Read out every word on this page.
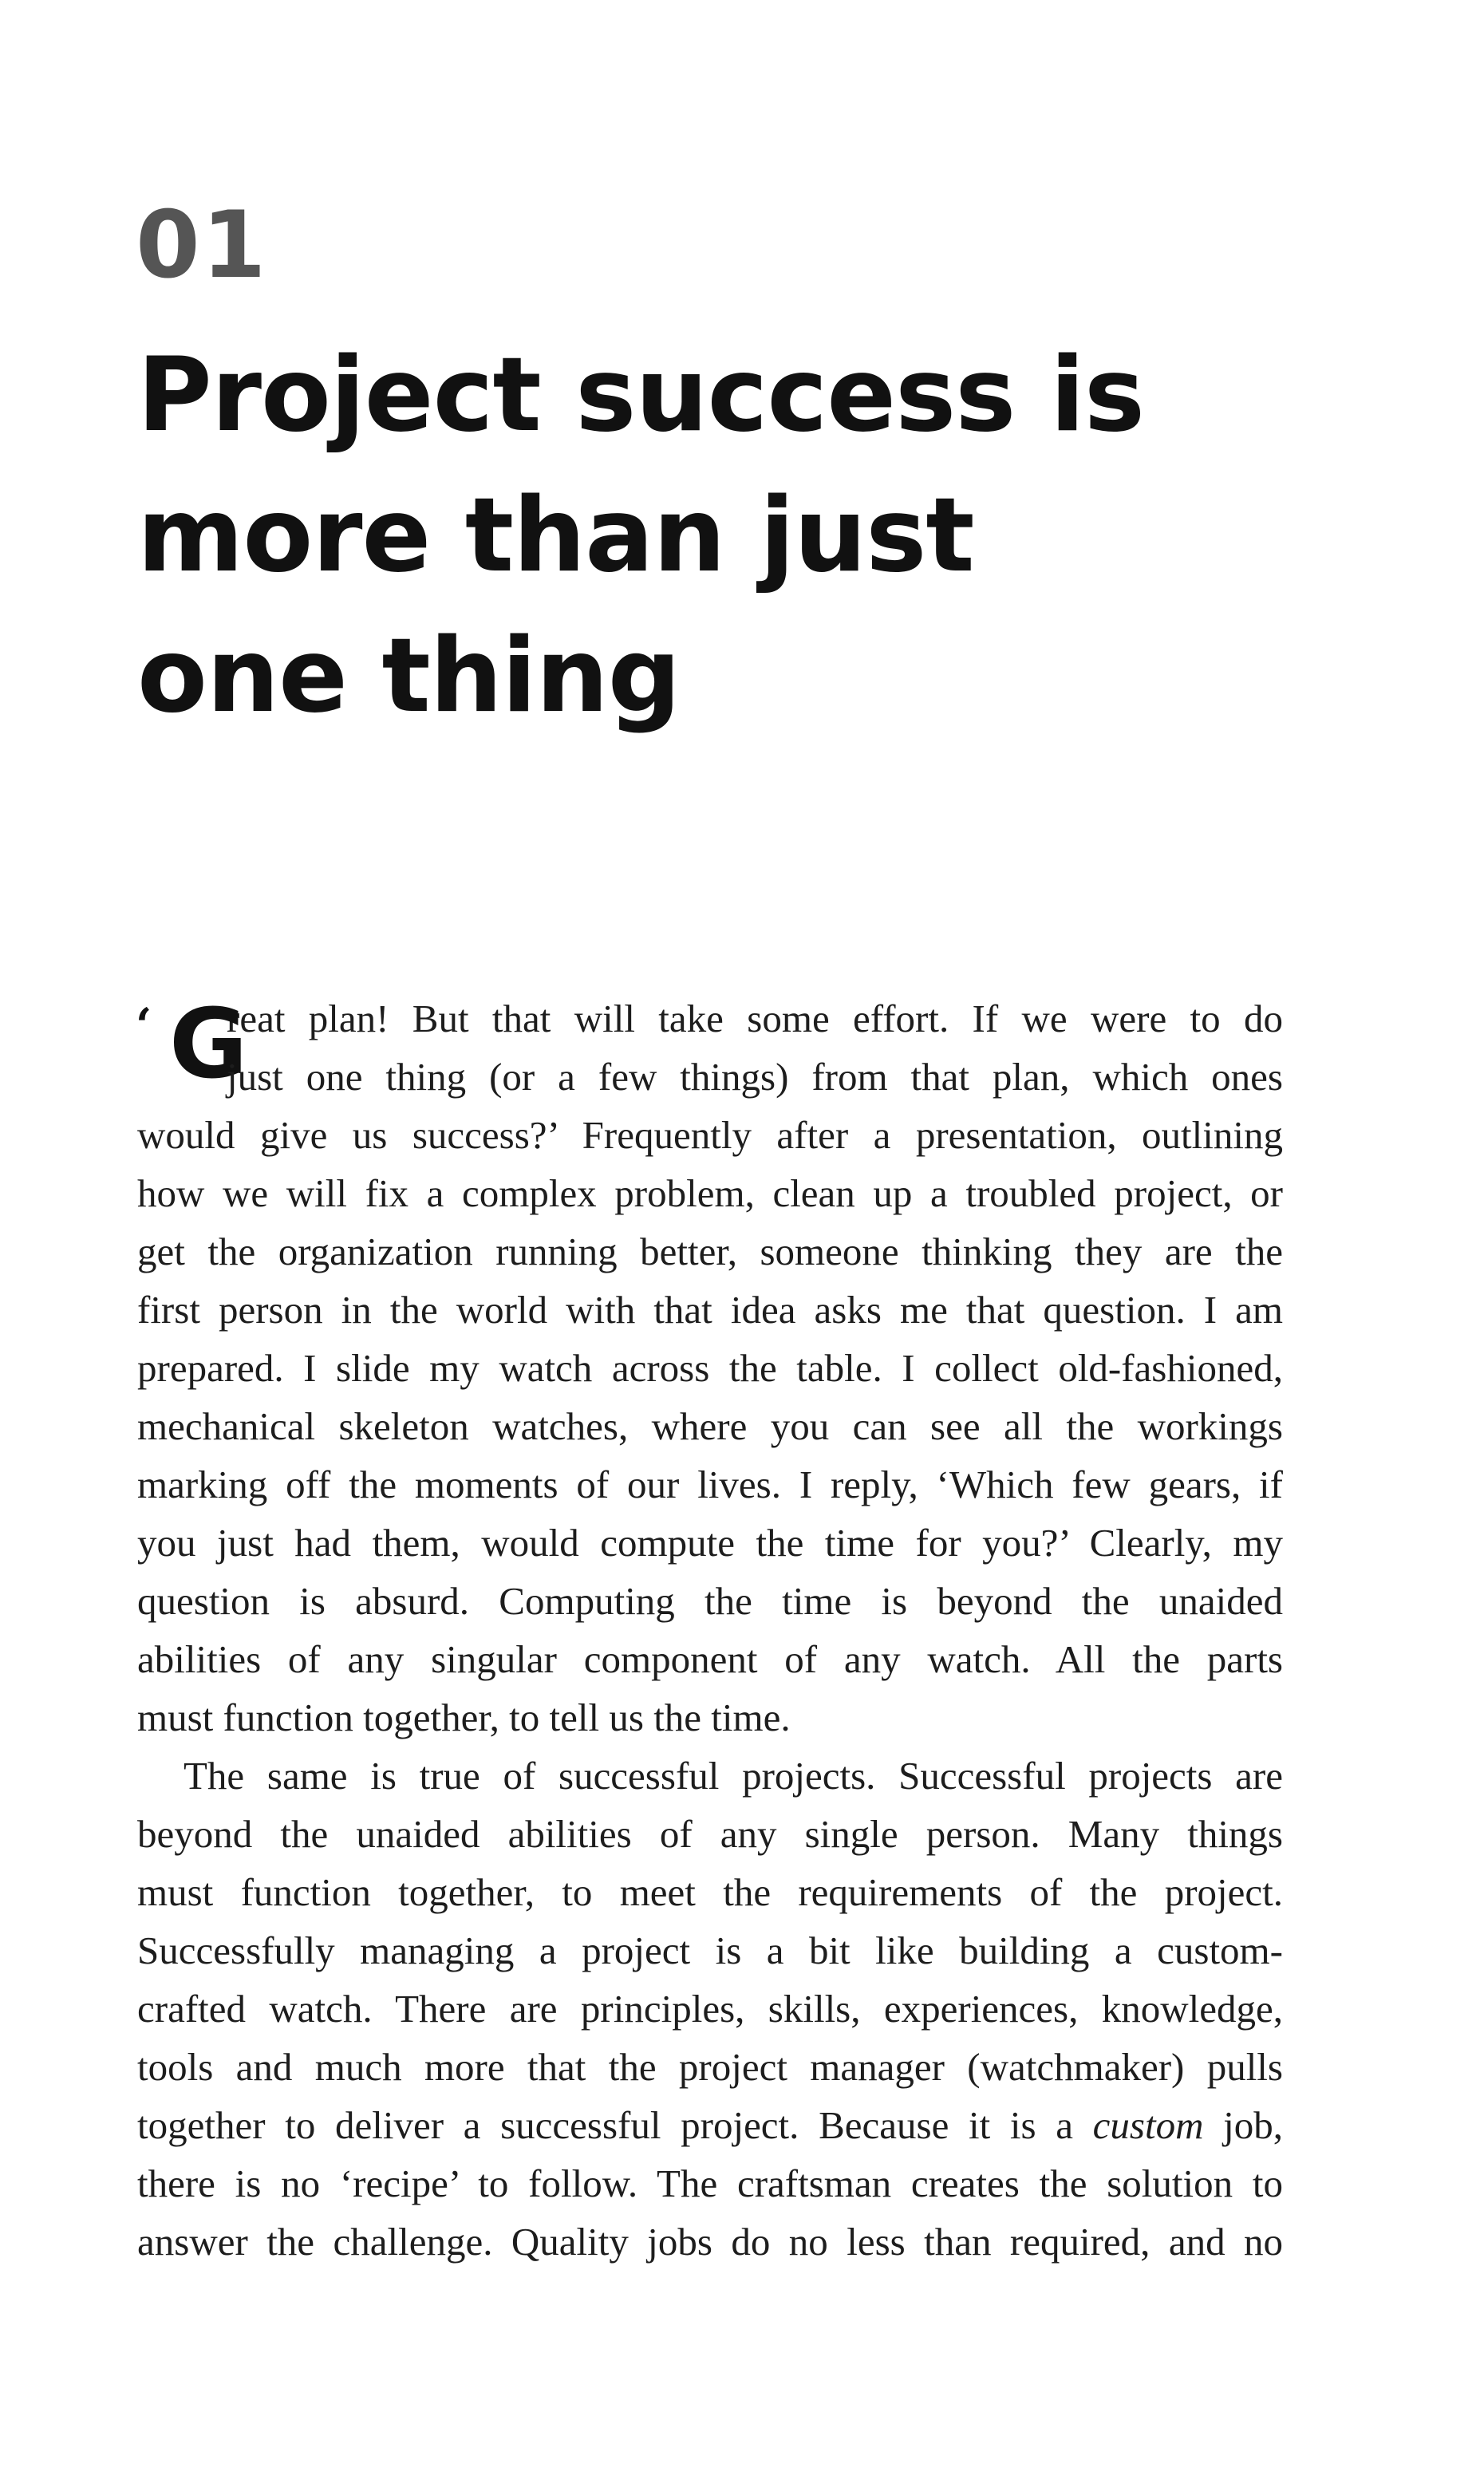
01
Project success is
more than just
one thing
‘ G
reat plan! But that will take some effort. If we were to do
just one thing (or a few things) from that plan, which ones
would give us success?’ Frequently after a presentation, outlining
how we will fix a complex problem, clean up a troubled project, or
get the organization running better, someone thinking they are the
first person in the world with that idea asks me that question. I am
prepared. I slide my watch across the table. I collect old-fashioned,
mechanical skeleton watches, where you can see all the workings
marking off the moments of our lives. I reply, ‘Which few gears, if
you just had them, would compute the time for you?’ Clearly, my
question is absurd. Computing the time is beyond the unaided
abilities of any singular component of any watch. All the parts
must function together, to tell us the time.
The same is true of successful projects. Successful projects are
beyond the unaided abilities of any single person. Many things
must function together, to meet the requirements of the project.
Successfully managing a project is a bit like building a custom-
crafted watch. There are principles, skills, experiences, knowledge,
tools and much more that the project manager (watchmaker) pulls
together to deliver a successful project. Because it is a custom job,
there is no ‘recipe’ to follow. The craftsman creates the solution to
answer the challenge. Quality jobs do no less than required, and no
